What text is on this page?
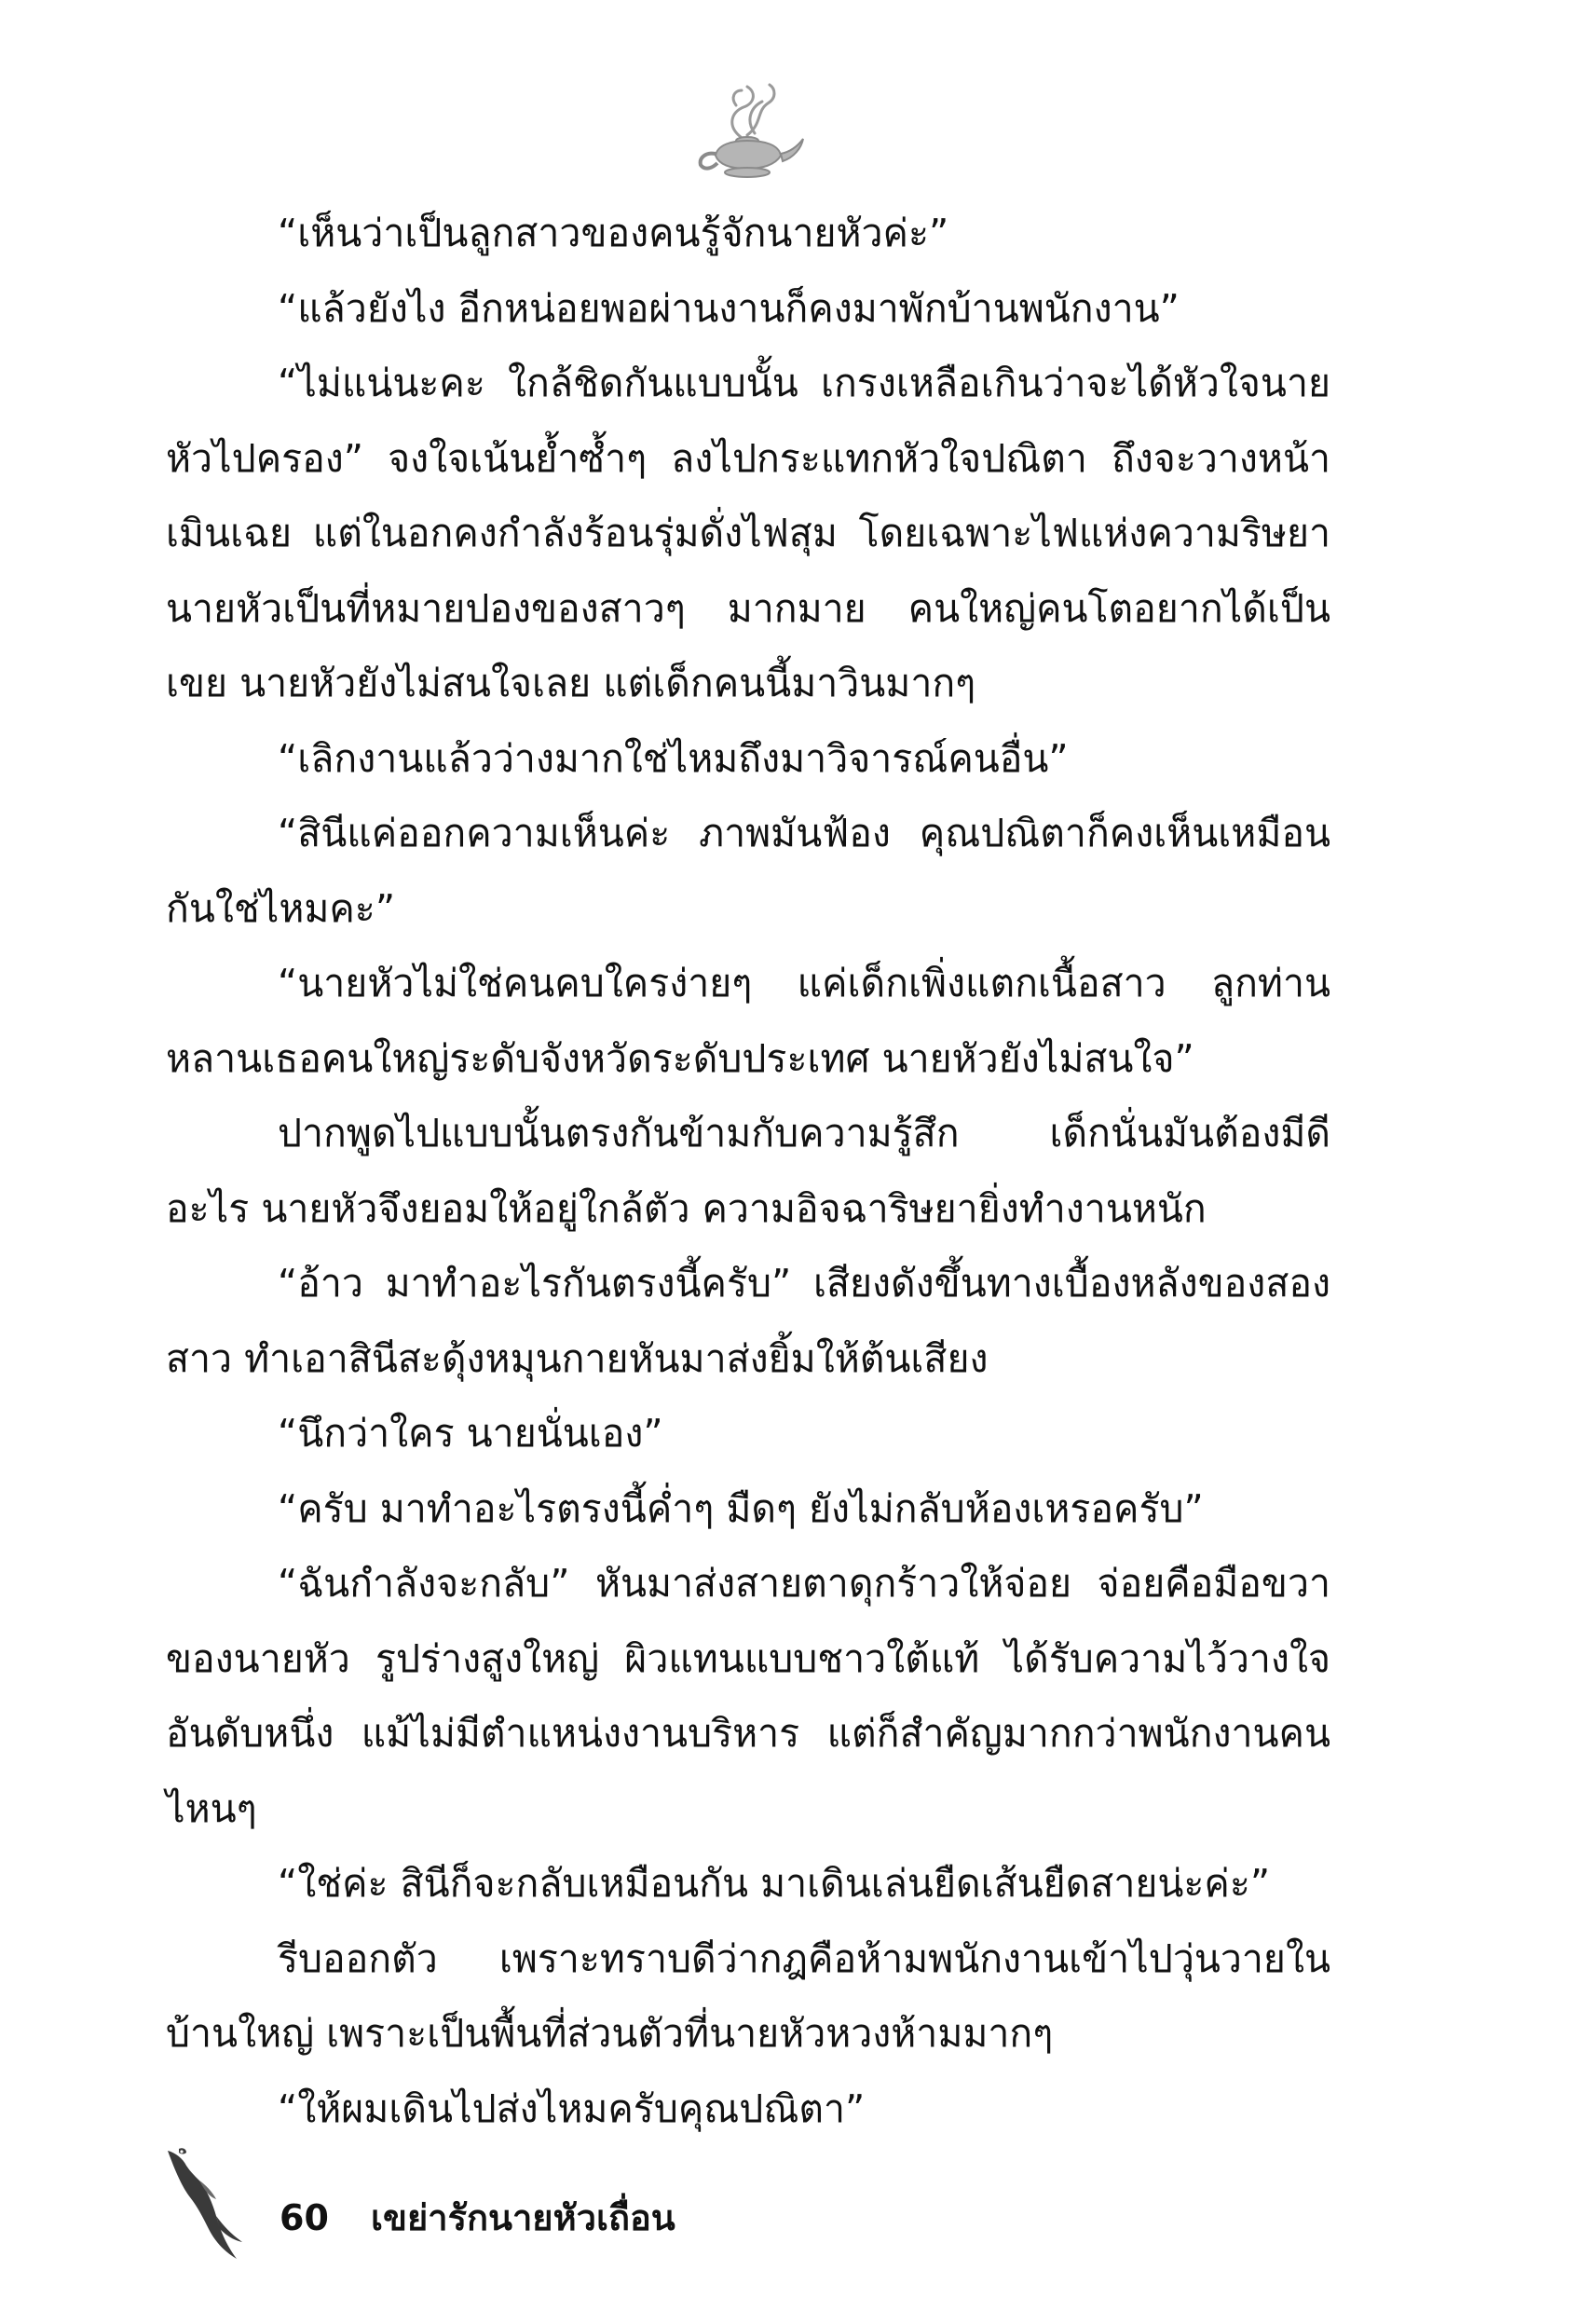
“เห็นว่าเป็นลูกสาวของคนรู้จักนายหัวค่ะ”

“แล้วยังไง อีกหน่อยพอผ่านงานก็คงมาพักบ้านพนักงาน”

“ไม่แน่นะคะ ใกล้ชิดกันแบบนั้น เกรงเหลือเกินว่าจะได้หัวใจนายหัวไปครอง” จงใจเน้นย้ำซ้ำๆ ลงไปกระแทกหัวใจปณิตา ถึงจะวางหน้าเมินเฉย แต่ในอกคงกำลังร้อนรุ่มดั่งไฟสุม โดยเฉพาะไฟแห่งความริษยา นายหัวเป็นที่หมายปองของสาวๆ มากมาย คนใหญ่คนโตอยากได้เป็นเขย นายหัวยังไม่สนใจเลย แต่เด็กคนนี้มาวินมากๆ

“เลิกงานแล้วว่างมากใช่ไหมถึงมาวิจารณ์คนอื่น”

“สินีแค่ออกความเห็นค่ะ ภาพมันฟ้อง คุณปณิตาก็คงเห็นเหมือนกันใช่ไหมคะ”

“นายหัวไม่ใช่คนคบใครง่ายๆ แค่เด็กเพิ่งแตกเนื้อสาว ลูกท่านหลานเธอคนใหญ่ระดับจังหวัดระดับประเทศ นายหัวยังไม่สนใจ”

ปากพูดไปแบบนั้นตรงกันข้ามกับความรู้สึก เด็กนั่นมันต้องมีดีอะไร นายหัวจึงยอมให้อยู่ใกล้ตัว ความอิจฉาริษยายิ่งทำงานหนัก

“อ้าว มาทำอะไรกันตรงนี้ครับ” เสียงดังขึ้นทางเบื้องหลังของสองสาว ทำเอาสินีสะดุ้งหมุนกายหันมาส่งยิ้มให้ต้นเสียง

“นึกว่าใคร นายนั่นเอง”

“ครับ มาทำอะไรตรงนี้ค่ำๆ มืดๆ ยังไม่กลับห้องเหรอครับ”

“ฉันกำลังจะกลับ” หันมาส่งสายตาดุกร้าวให้จ่อย จ่อยคือมือขวาของนายหัว รูปร่างสูงใหญ่ ผิวแทนแบบชาวใต้แท้ ได้รับความไว้วางใจอันดับหนึ่ง แม้ไม่มีตำแหน่งงานบริหาร แต่ก็สำคัญมากกว่าพนักงานคนไหนๆ

“ใช่ค่ะ สินีก็จะกลับเหมือนกัน มาเดินเล่นยืดเส้นยืดสายน่ะค่ะ”

รีบออกตัว เพราะทราบดีว่ากฎคือห้ามพนักงานเข้าไปวุ่นวายในบ้านใหญ่ เพราะเป็นพื้นที่ส่วนตัวที่นายหัวหวงห้ามมากๆ

“ให้ผมเดินไปส่งไหมครับคุณปณิตา”

60 เขย่ารักนายหัวเถื่อน
